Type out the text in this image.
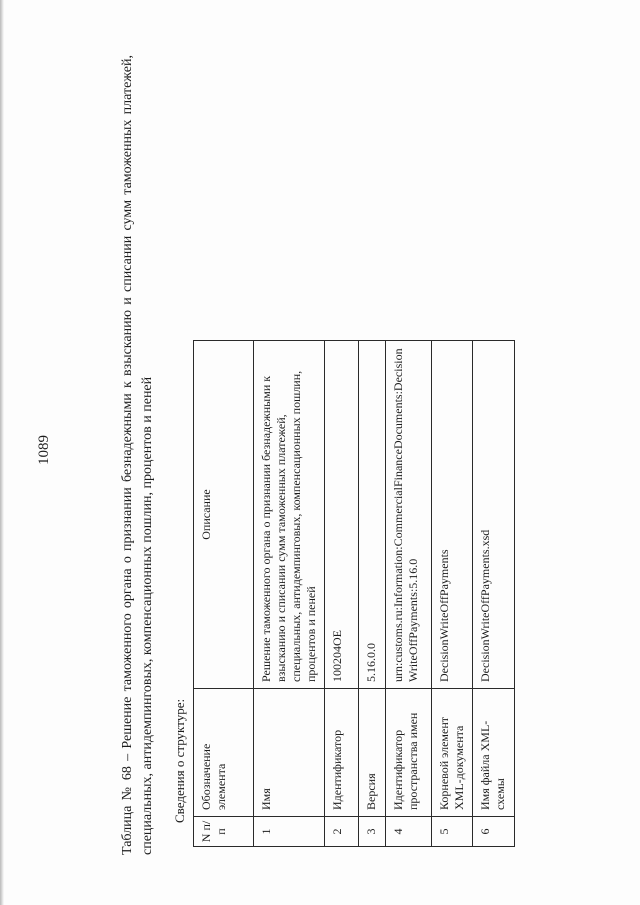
1089	Таблица № 68 – Решение таможенного органа о признании безнадежными к взысканию и списании сумм таможенных платежей, специальных, антидемпинговых, компенсационных пошлин, процентов и пеней Сведения о структуре:
N п/п	Обозначение элемента	Описание
1	Имя	Решение таможенного органа о признании безнадежными к взысканию и списании сумм таможенных платежей, специальных, антидемпинговых, компенсационных пошлин, процентов и пеней
2	Идентификатор	100204OE
3	Версия	5.16.0.0
4	Идентификатор пространства имен	urn:customs.ru:Information:CommercialFinanceDocuments:DecisionWriteOffPayments:5.16.0
5	Корневой элемент XML-документа	DecisionWriteOffPayments
6	Имя файла XML-схемы	DecisionWriteOffPayments.xsd
